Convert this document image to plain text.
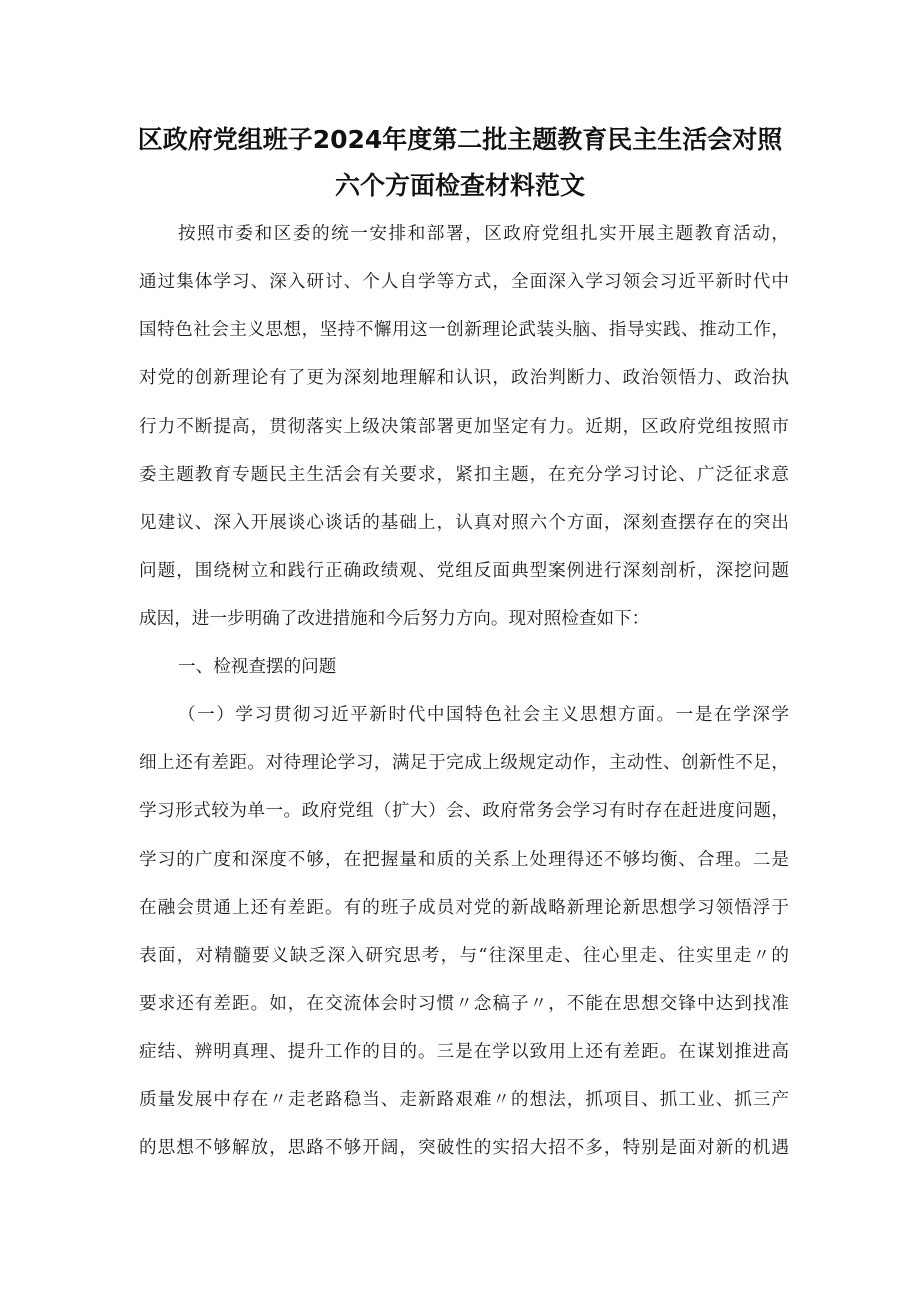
区政府党组班子2024年度第二批主题教育民主生活会对照
六个方面检查材料范文
按照市委和区委的统一安排和部署，区政府党组扎实开展主题教育活动，
通过集体学习、深入研讨、个人自学等方式，全面深入学习领会习近平新时代中
国特色社会主义思想，坚持不懈用这一创新理论武装头脑、指导实践、推动工作，
对党的创新理论有了更为深刻地理解和认识，政治判断力、政治领悟力、政治执
行力不断提高，贯彻落实上级决策部署更加坚定有力。近期，区政府党组按照市
委主题教育专题民主生活会有关要求，紧扣主题，在充分学习讨论、广泛征求意
见建议、深入开展谈心谈话的基础上，认真对照六个方面，深刻查摆存在的突出
问题，围绕树立和践行正确政绩观、党组反面典型案例进行深刻剖析，深挖问题
成因，进一步明确了改进措施和今后努力方向。现对照检查如下：
一、检视查摆的问题
（一）学习贯彻习近平新时代中国特色社会主义思想方面。一是在学深学
细上还有差距。对待理论学习，满足于完成上级规定动作，主动性、创新性不足，
学习形式较为单一。政府党组（扩大）会、政府常务会学习有时存在赶进度问题，
学习的广度和深度不够，在把握量和质的关系上处理得还不够均衡、合理。二是
在融会贯通上还有差距。有的班子成员对党的新战略新理论新思想学习领悟浮于
表面，对精髓要义缺乏深入研究思考，与“往深里走、往心里走、往实里走〃的
要求还有差距。如，在交流体会时习惯〃念稿子〃，不能在思想交锋中达到找准
症结、辨明真理、提升工作的目的。三是在学以致用上还有差距。在谋划推进高
质量发展中存在〃走老路稳当、走新路艰难〃的想法，抓项目、抓工业、抓三产
的思想不够解放，思路不够开阔，突破性的实招大招不多，特别是面对新的机遇
